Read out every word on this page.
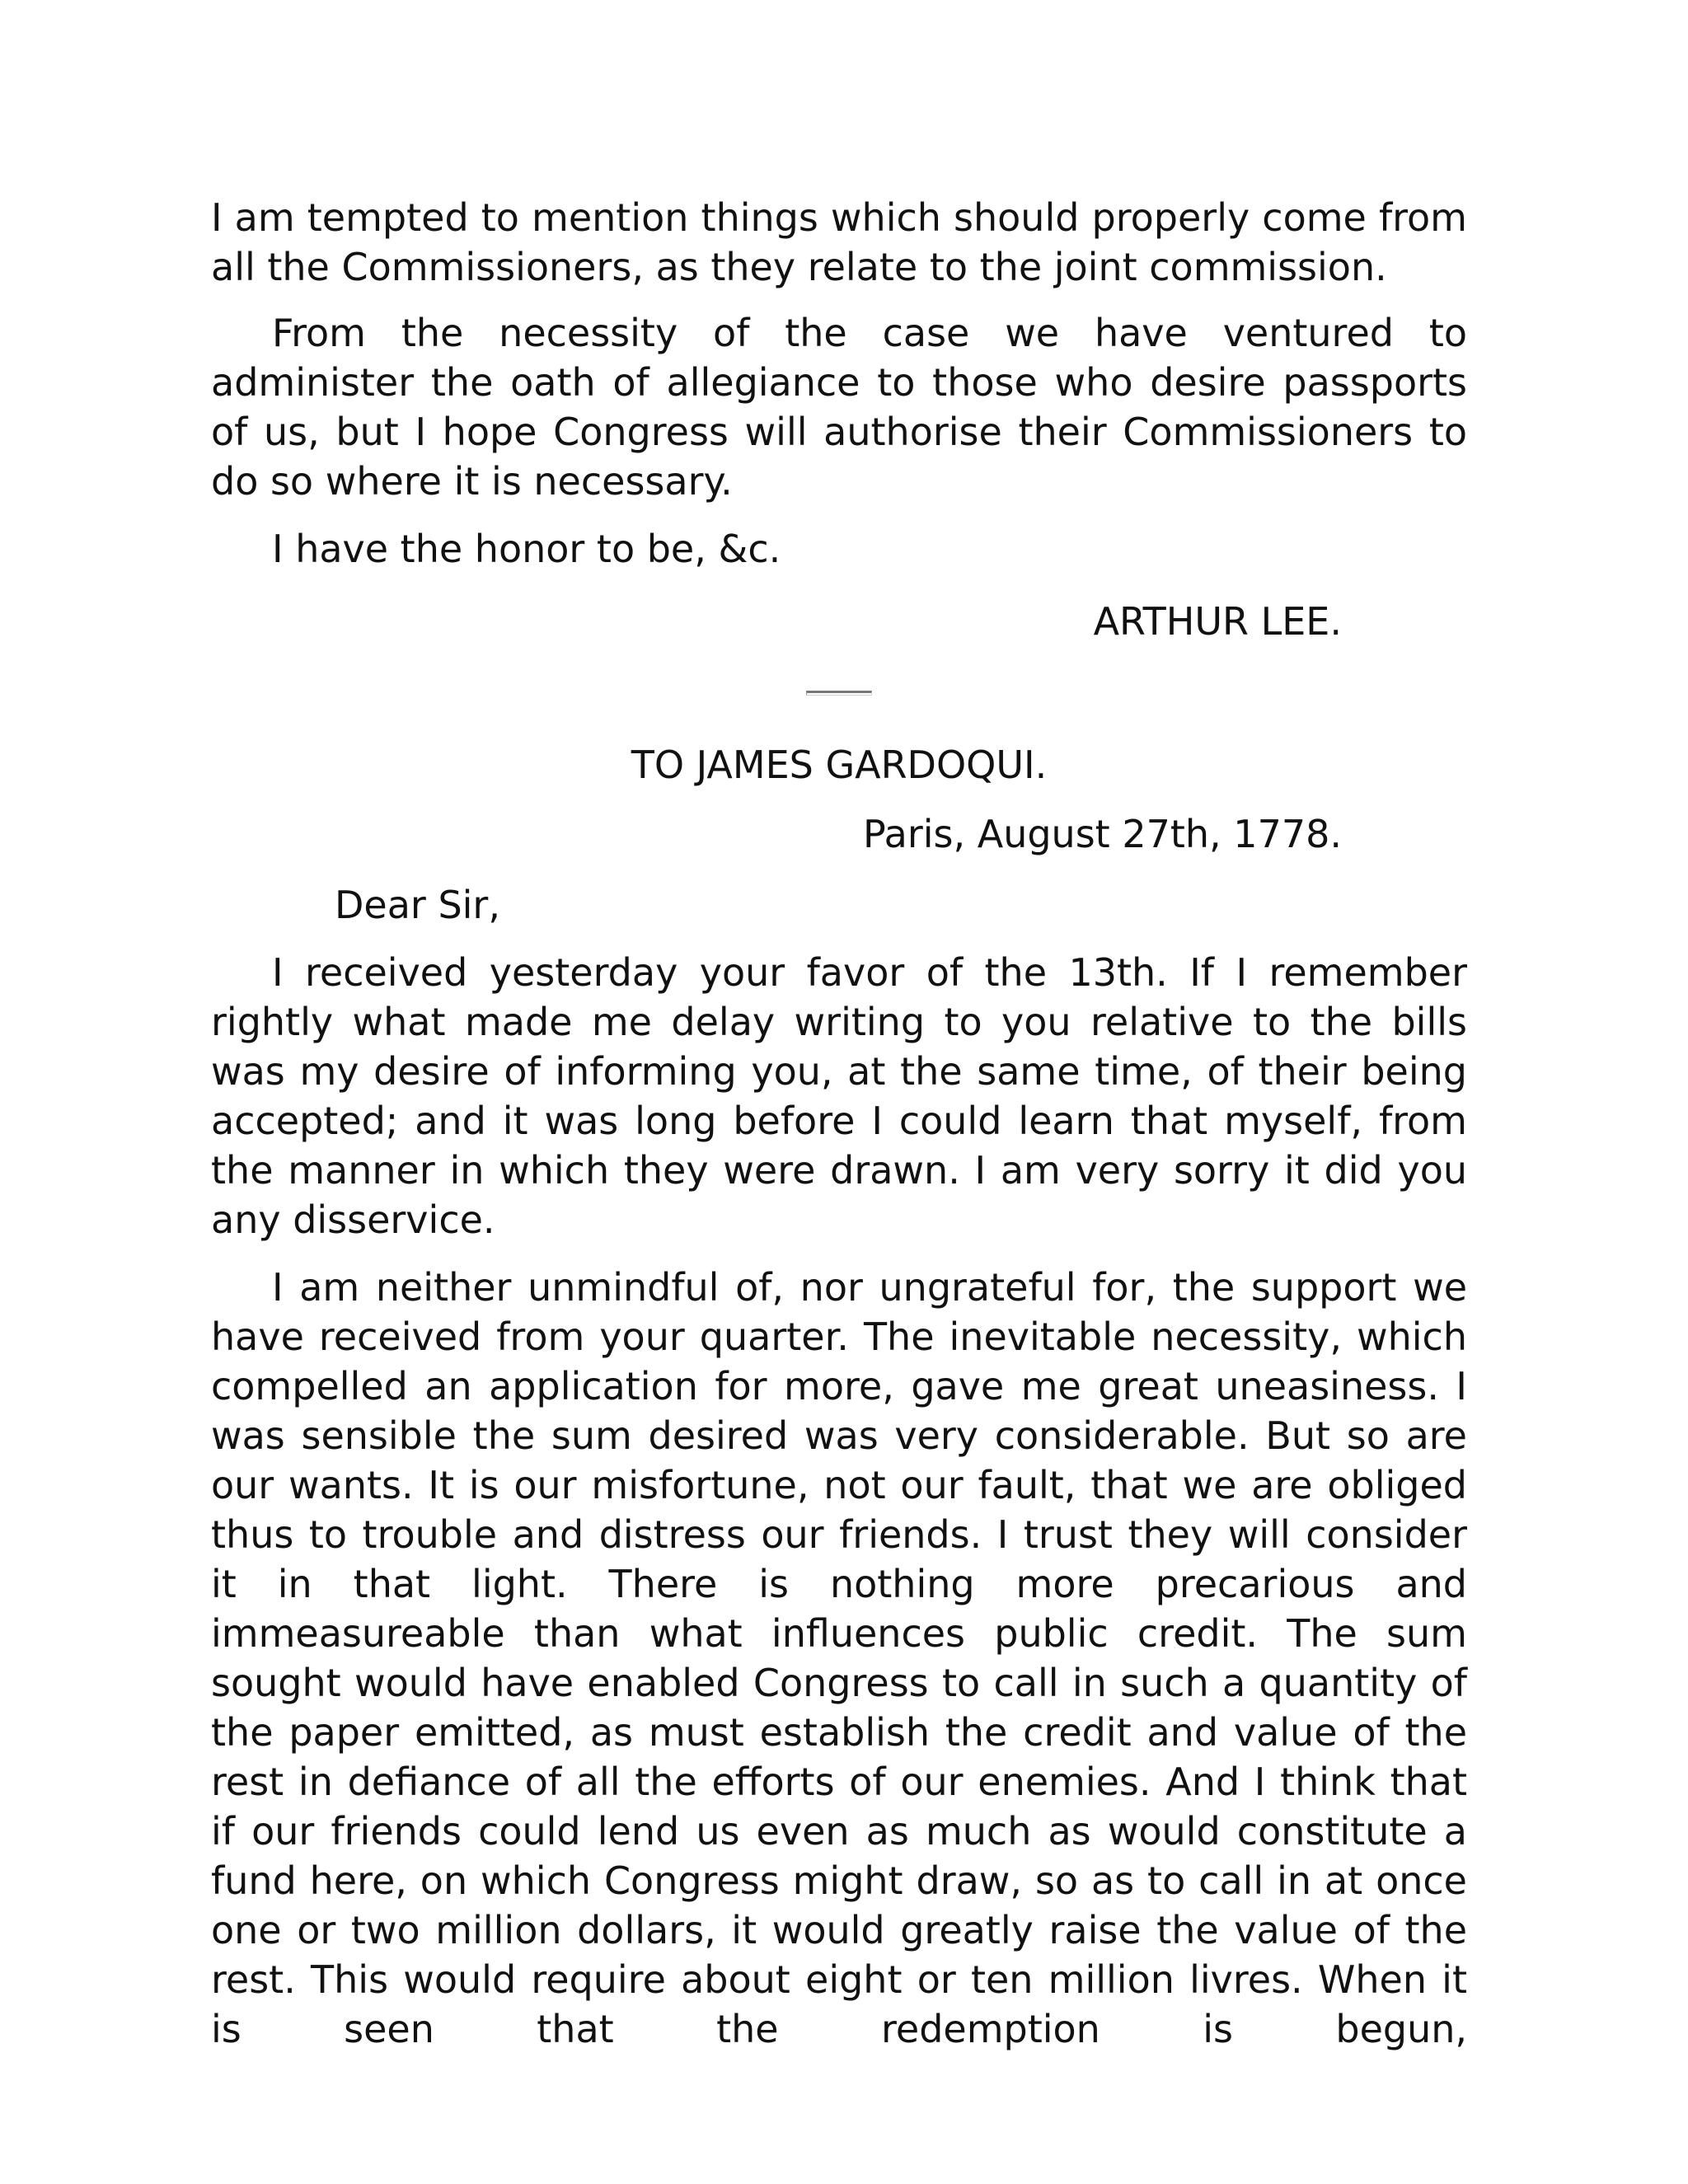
I am tempted to mention things which should properly come from all the Commissioners, as they relate to the joint commission.

From the necessity of the case we have ventured to administer the oath of allegiance to those who desire passports of us, but I hope Congress will authorise their Commissioners to do so where it is necessary.

I have the honor to be, &c.

ARTHUR LEE.

TO JAMES GARDOQUI.

Paris, August 27th, 1778.

Dear Sir,

I received yesterday your favor of the 13th. If I remember rightly what made me delay writing to you relative to the bills was my desire of informing you, at the same time, of their being accepted; and it was long before I could learn that myself, from the manner in which they were drawn. I am very sorry it did you any disservice.

I am neither unmindful of, nor ungrateful for, the support we have received from your quarter. The inevitable necessity, which compelled an application for more, gave me great uneasiness. I was sensible the sum desired was very considerable. But so are our wants. It is our misfortune, not our fault, that we are obliged thus to trouble and distress our friends. I trust they will consider it in that light. There is nothing more precarious and immeasureable than what influences public credit. The sum sought would have enabled Congress to call in such a quantity of the paper emitted, as must establish the credit and value of the rest in defiance of all the efforts of our enemies. And I think that if our friends could lend us even as much as would constitute a fund here, on which Congress might draw, so as to call in at once one or two million dollars, it would greatly raise the value of the rest. This would require about eight or ten million livres. When it is seen that the redemption is begun,
